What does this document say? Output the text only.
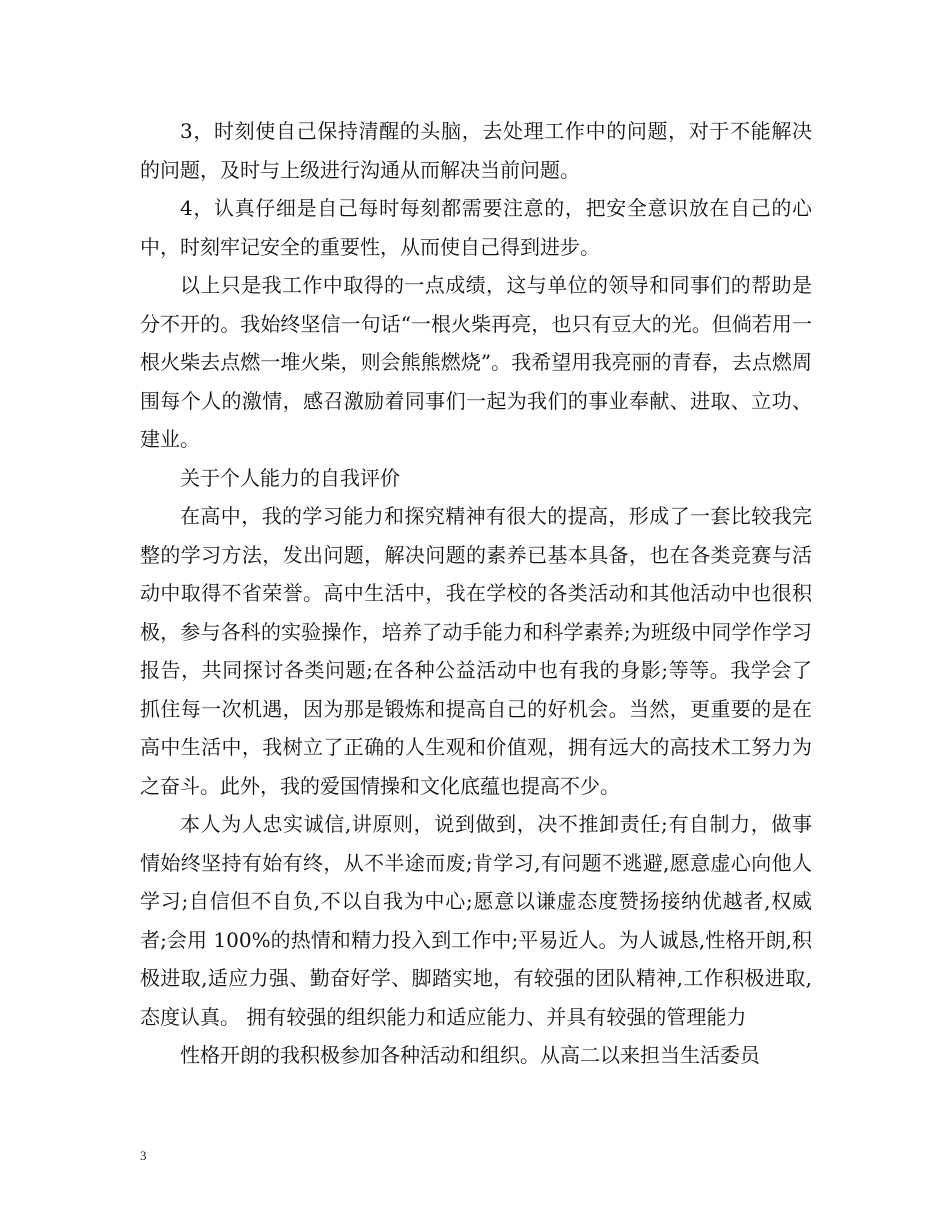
3，时刻使自己保持清醒的头脑，去处理工作中的问题，对于不能解决的问题，及时与上级进行沟通从而解决当前问题。

4，认真仔细是自己每时每刻都需要注意的，把安全意识放在自己的心中，时刻牢记安全的重要性，从而使自己得到进步。

以上只是我工作中取得的一点成绩，这与单位的领导和同事们的帮助是分不开的。我始终坚信一句话“一根火柴再亮，也只有豆大的光。但倘若用一根火柴去点燃一堆火柴，则会熊熊燃烧”。我希望用我亮丽的青春，去点燃周围每个人的激情，感召激励着同事们一起为我们的事业奉献、进取、立功、建业。

关于个人能力的自我评价

在高中，我的学习能力和探究精神有很大的提高，形成了一套比较我完整的学习方法，发出问题，解决问题的素养已基本具备，也在各类竞赛与活动中取得不省荣誉。高中生活中，我在学校的各类活动和其他活动中也很积极，参与各科的实验操作，培养了动手能力和科学素养;为班级中同学作学习报告，共同探讨各类问题;在各种公益活动中也有我的身影;等等。我学会了抓住每一次机遇，因为那是锻炼和提高自己的好机会。当然，更重要的是在高中生活中，我树立了正确的人生观和价值观，拥有远大的高技术工努力为之奋斗。此外，我的爱国情操和文化底蕴也提高不少。

本人为人忠实诚信,讲原则，说到做到，决不推卸责任;有自制力，做事情始终坚持有始有终，从不半途而废;肯学习,有问题不逃避,愿意虚心向他人学习;自信但不自负,不以自我为中心;愿意以谦虚态度赞扬接纳优越者,权威者;会用 100%的热情和精力投入到工作中;平易近人。为人诚恳,性格开朗,积极进取,适应力强、勤奋好学、脚踏实地，有较强的团队精神,工作积极进取,态度认真。 拥有较强的组织能力和适应能力、并具有较强的管理能力

性格开朗的我积极参加各种活动和组织。从高二以来担当生活委员

3
